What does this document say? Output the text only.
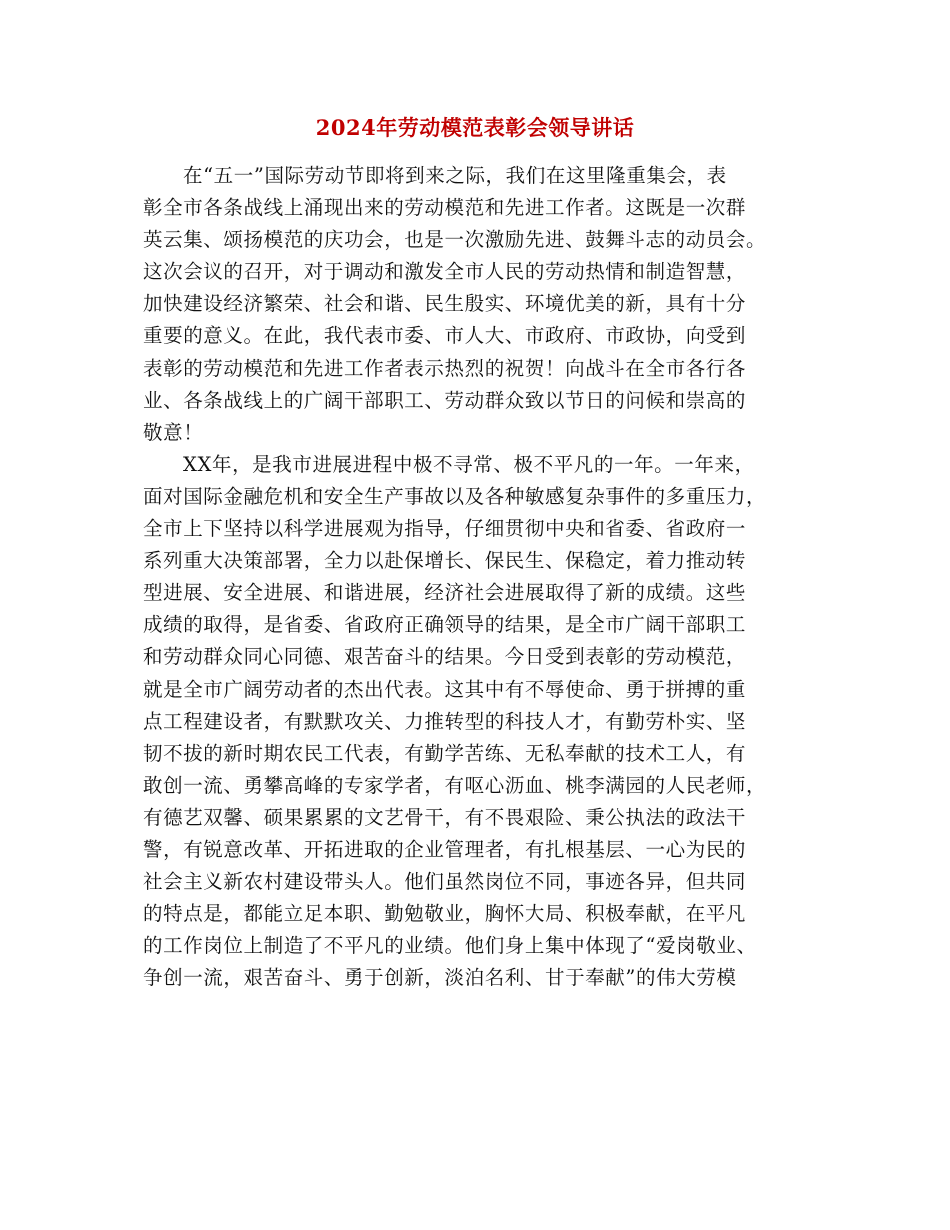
2024年劳动模范表彰会领导讲话
在“五一”国际劳动节即将到来之际，我们在这里隆重集会，表
彰全市各条战线上涌现出来的劳动模范和先进工作者。这既是一次群
英云集、颂扬模范的庆功会，也是一次激励先进、鼓舞斗志的动员会。
这次会议的召开，对于调动和激发全市人民的劳动热情和制造智慧，
加快建设经济繁荣、社会和谐、民生殷实、环境优美的新，具有十分
重要的意义。在此，我代表市委、市人大、市政府、市政协，向受到
表彰的劳动模范和先进工作者表示热烈的祝贺！向战斗在全市各行各
业、各条战线上的广阔干部职工、劳动群众致以节日的问候和崇高的
敬意！
XX年，是我市进展进程中极不寻常、极不平凡的一年。一年来，
面对国际金融危机和安全生产事故以及各种敏感复杂事件的多重压力，
全市上下坚持以科学进展观为指导，仔细贯彻中央和省委、省政府一
系列重大决策部署，全力以赴保增长、保民生、保稳定，着力推动转
型进展、安全进展、和谐进展，经济社会进展取得了新的成绩。这些
成绩的取得，是省委、省政府正确领导的结果，是全市广阔干部职工
和劳动群众同心同德、艰苦奋斗的结果。今日受到表彰的劳动模范，
就是全市广阔劳动者的杰出代表。这其中有不辱使命、勇于拼搏的重
点工程建设者，有默默攻关、力推转型的科技人才，有勤劳朴实、坚
韧不拔的新时期农民工代表，有勤学苦练、无私奉献的技术工人，有
敢创一流、勇攀高峰的专家学者，有呕心沥血、桃李满园的人民老师，
有德艺双馨、硕果累累的文艺骨干，有不畏艰险、秉公执法的政法干
警，有锐意改革、开拓进取的企业管理者，有扎根基层、一心为民的
社会主义新农村建设带头人。他们虽然岗位不同，事迹各异，但共同
的特点是，都能立足本职、勤勉敬业，胸怀大局、积极奉献，在平凡
的工作岗位上制造了不平凡的业绩。他们身上集中体现了“爱岗敬业、
争创一流，艰苦奋斗、勇于创新，淡泊名利、甘于奉献”的伟大劳模
